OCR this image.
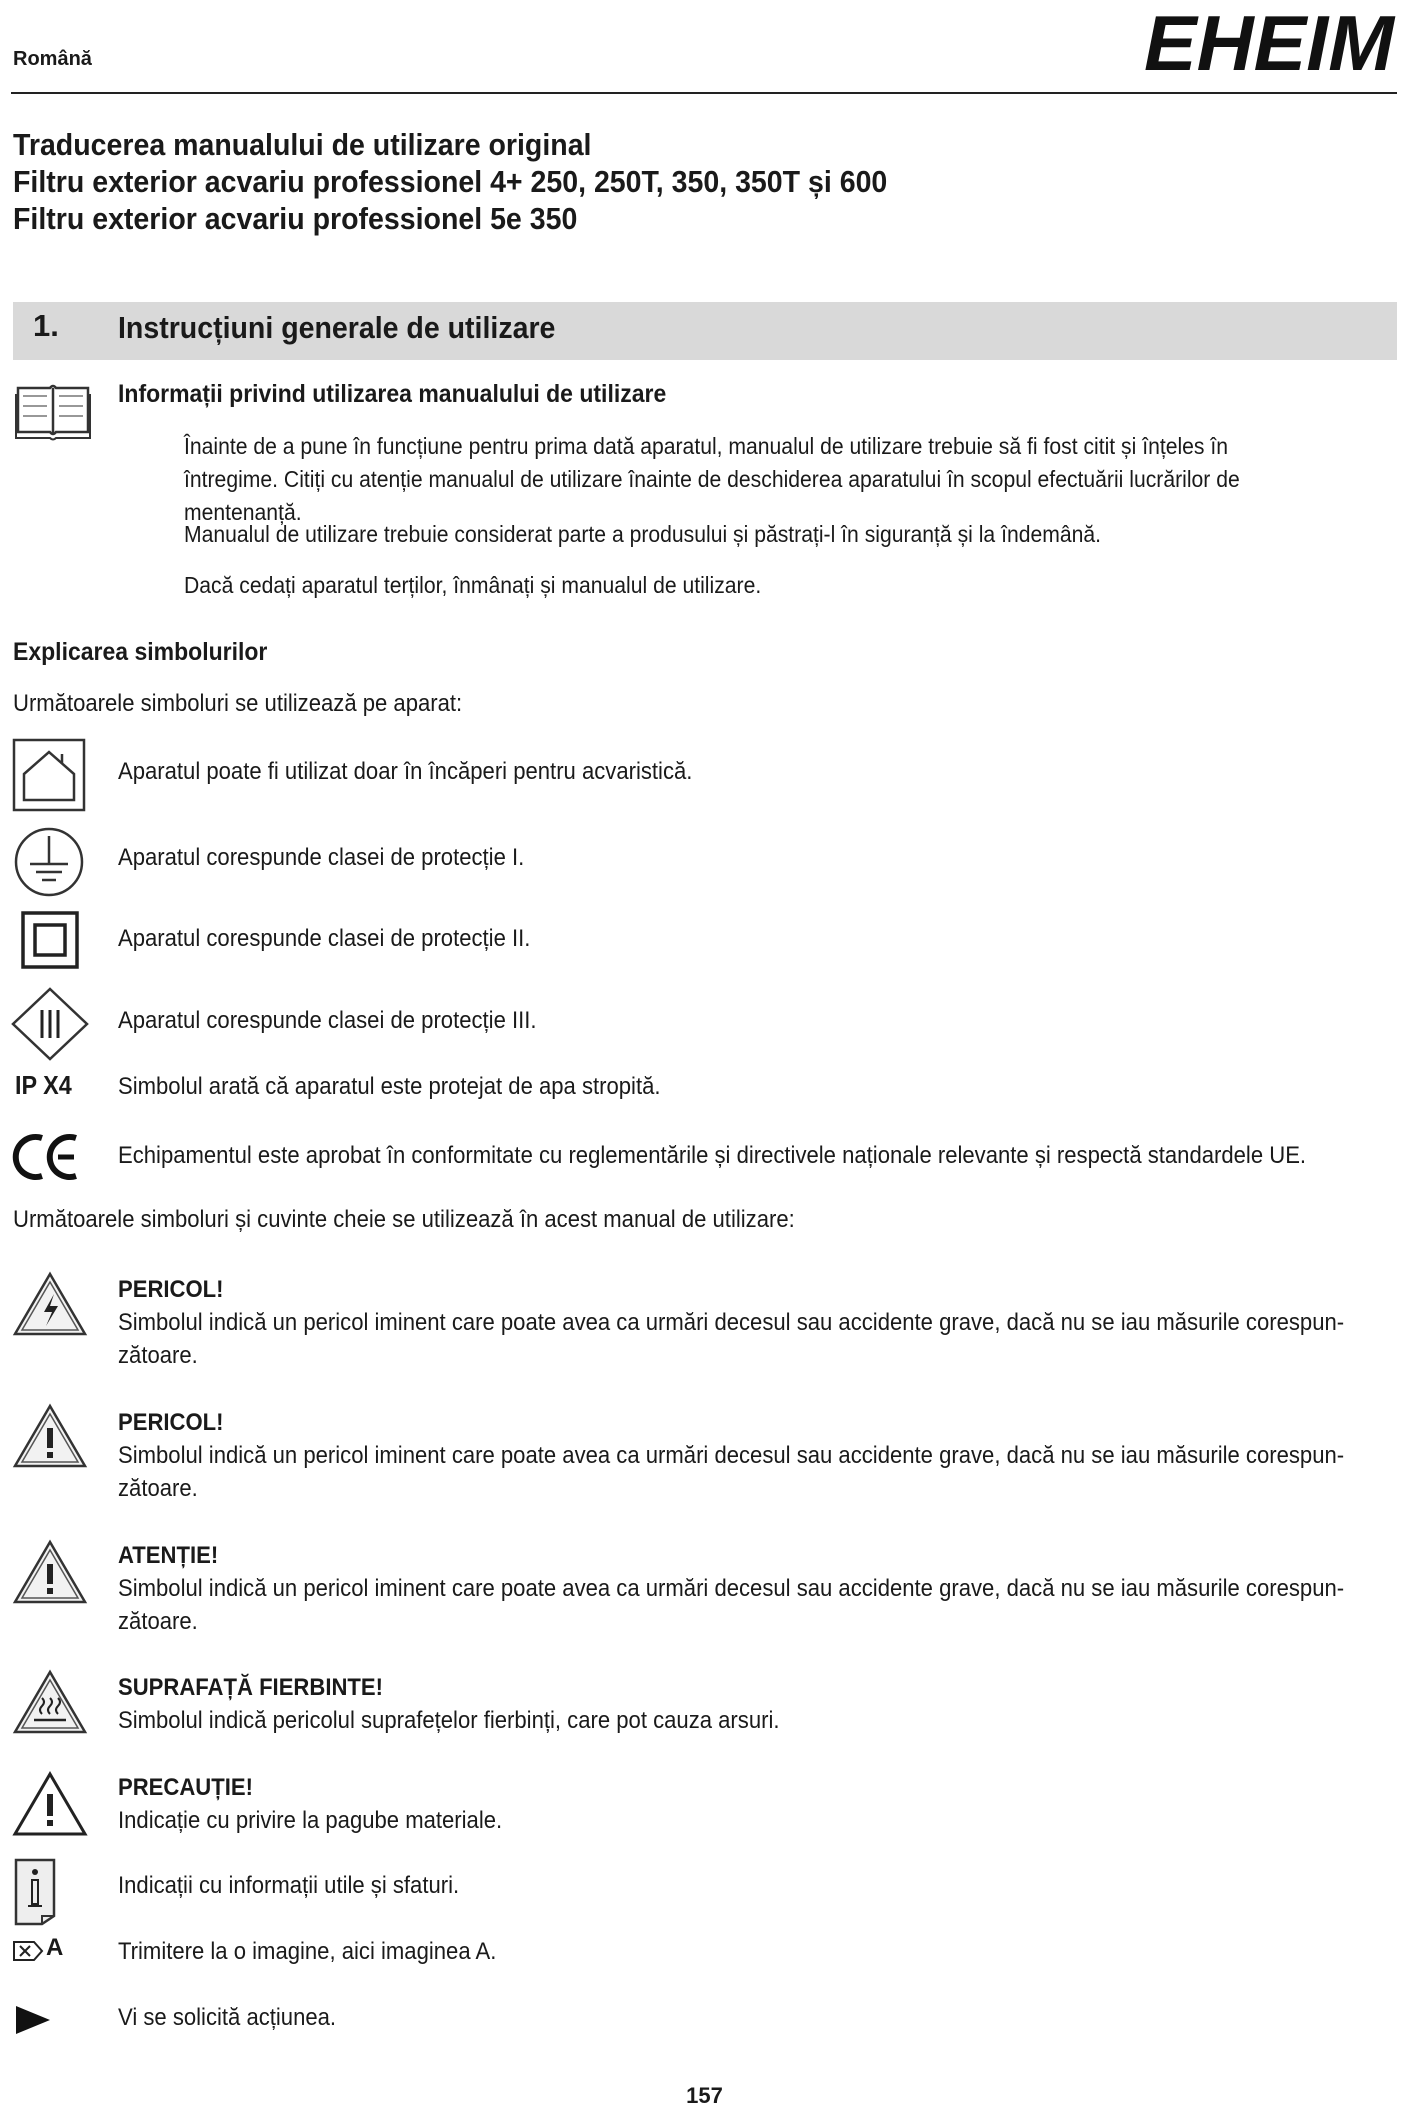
Română	EHEIM
Traducerea manualului de utilizare original
Filtru exterior acvariu professionel 4+ 250, 250T, 350, 350T și 600
Filtru exterior acvariu professionel 5e 350
1. Instrucțiuni generale de utilizare
Informații privind utilizarea manualului de utilizare
Înainte de a pune în funcțiune pentru prima dată aparatul, manualul de utilizare trebuie să fi fost citit și înțeles în întregime. Citiți cu atenție manualul de utilizare înainte de deschiderea aparatului în scopul efectuării lucrărilor de mentenanță.
Manualul de utilizare trebuie considerat parte a produsului și păstrați-l în siguranță și la îndemână.
Dacă cedați aparatul terților, înmânați și manualul de utilizare.
Explicarea simbolurilor
Următoarele simboluri se utilizează pe aparat:
Aparatul poate fi utilizat doar în încăperi pentru acvaristică.
Aparatul corespunde clasei de protecție I.
Aparatul corespunde clasei de protecție II.
Aparatul corespunde clasei de protecție III.
IP X4 Simbolul arată că aparatul este protejat de apa stropită.
Echipamentul este aprobat în conformitate cu reglementările și directivele naționale relevante și respectă standardele UE.
Următoarele simboluri și cuvinte cheie se utilizează în acest manual de utilizare:
PERICOL!
Simbolul indică un pericol iminent care poate avea ca urmări decesul sau accidente grave, dacă nu se iau măsurile corespun-
zătoare.
PERICOL!
Simbolul indică un pericol iminent care poate avea ca urmări decesul sau accidente grave, dacă nu se iau măsurile corespun-
zătoare.
ATENȚIE!
Simbolul indică un pericol iminent care poate avea ca urmări decesul sau accidente grave, dacă nu se iau măsurile corespun-
zătoare.
SUPRAFAȚĂ FIERBINTE!
Simbolul indică pericolul suprafețelor fierbinți, care pot cauza arsuri.
PRECAUȚIE!
Indicație cu privire la pagube materiale.
Indicații cu informații utile și sfaturi.
A Trimitere la o imagine, aici imaginea A.
Vi se solicită acțiunea.
157
